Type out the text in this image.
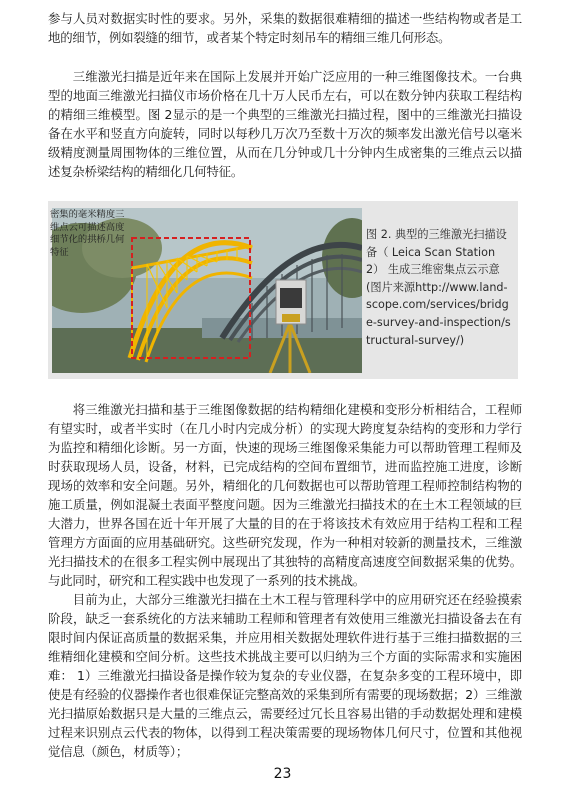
参与人员对数据实时性的要求。另外，采集的数据很难精细的描述一些结构物或者是工地的细节，例如裂缝的细节，或者某个特定时刻吊车的精细三维几何形态。

三维激光扫描是近年来在国际上发展并开始广泛应用的一种三维图像技术。一台典型的地面三维激光扫描仪市场价格在几十万人民币左右，可以在数分钟内获取工程结构的精细三维模型。图 2显示的是一个典型的三维激光扫描过程，图中的三维激光扫描设备在水平和竖直方向旋转，同时以每秒几万次乃至数十万次的频率发出激光信号以毫米级精度测量周围物体的三维位置，从而在几分钟或几十分钟内生成密集的三维点云以描述复杂桥梁结构的精细化几何特征。

密集的毫米精度三维点云可描述高度细节化的拱桥几何特征

图 2. 典型的三维激光扫描设备（ Leica Scan Station 2） 生成三维密集点云示意 (图片来源http://www.land-scope.com/services/bridge-survey-and-inspection/structural-survey/)

将三维激光扫描和基于三维图像数据的结构精细化建模和变形分析相结合，工程师有望实时，或者半实时（在几小时内完成分析）的实现大跨度复杂结构的变形和力学行为监控和精细化诊断。另一方面，快速的现场三维图像采集能力可以帮助管理工程师及时获取现场人员，设备，材料，已完成结构的空间布置细节，进而监控施工进度，诊断现场的效率和安全问题。另外，精细化的几何数据也可以帮助管理工程师控制结构物的施工质量，例如混凝土表面平整度问题。因为三维激光扫描技术的在土木工程领域的巨大潜力，世界各国在近十年开展了大量的目的在于将该技术有效应用于结构工程和工程管理方方面面的应用基础研究。这些研究发现，作为一种相对较新的测量技术，三维激光扫描技术的在很多工程实例中展现出了其独特的高精度高速度空间数据采集的优势。与此同时，研究和工程实践中也发现了一系列的技术挑战。

目前为止，大部分三维激光扫描在土木工程与管理科学中的应用研究还在经验摸索阶段，缺乏一套系统化的方法来辅助工程师和管理者有效使用三维激光扫描设备去在有限时间内保证高质量的数据采集，并应用相关数据处理软件进行基于三维扫描数据的三维精细化建模和空间分析。这些技术挑战主要可以归纳为三个方面的实际需求和实施困难： 1）三维激光扫描设备是操作较为复杂的专业仪器，在复杂多变的工程环境中，即使是有经验的仪器操作者也很难保证完整高效的采集到所有需要的现场数据；2）三维激光扫描原始数据只是大量的三维点云，需要经过冗长且容易出错的手动数据处理和建模过程来识别点云代表的物体，以得到工程决策需要的现场物体几何尺寸，位置和其他视觉信息（颜色，材质等）；

23
